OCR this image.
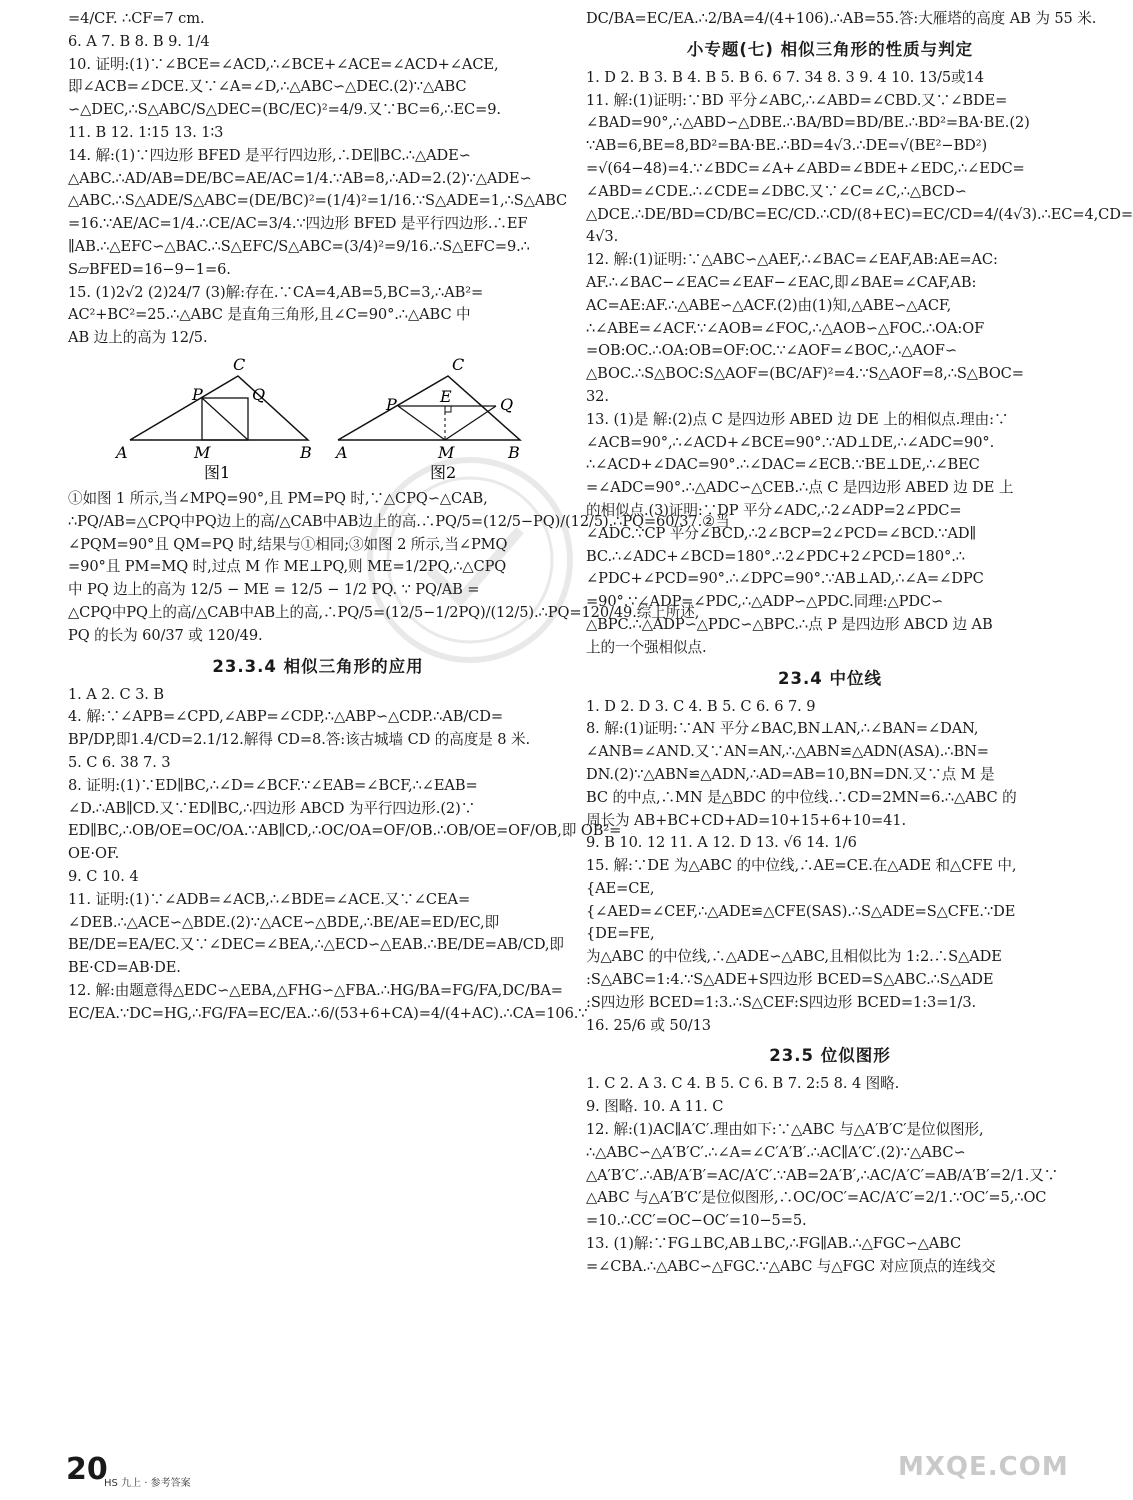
=4/CF. ∴CF=7 cm.
6. A 7. B 8. B 9. 1/4
10. 证明:(1)∵∠BCE=∠ACD,∴∠BCE+∠ACE=∠ACD+∠ACE,
即∠ACB=∠DCE.又∵∠A=∠D,∴△ABC∽△DEC.(2)∵△ABC
∽△DEC,∴S△ABC/S△DEC=(BC/EC)²=4/9.又∵BC=6,∴EC=9.
11. B 12. 1∶15 13. 1∶3
14. 解:(1)∵四边形 BFED 是平行四边形,∴DE∥BC.∴△ADE∽
△ABC.∴AD/AB=DE/BC=AE/AC=1/4.∵AB=8,∴AD=2.(2)∵△ADE∽
△ABC.∴S△ADE/S△ABC=(DE/BC)²=(1/4)²=1/16.∵S△ADE=1,∴S△ABC
=16.∵AE/AC=1/4.∴CE/AC=3/4.∵四边形 BFED 是平行四边形.∴EF
∥AB.∴△EFC∽△BAC.∴S△EFC/S△ABC=(3/4)²=9/16.∴S△EFC=9.∴
S▱BFED=16−9−1=6.
15. (1)2√2 (2)24/7 (3)解:存在.∵CA=4,AB=5,BC=3,∴AB²=
AC²+BC²=25.∴△ABC 是直角三角形,且∠C=90°.∴△ABC 中
AB 边上的高为 12/5.
C
P	Q
A	M	B
图1
C
E
P	Q
A	M	B
图2
①如图 1 所示,当∠MPQ=90°,且 PM=PQ 时,∵△CPQ∽△CAB,
∴PQ/AB=△CPQ中PQ边上的高/△CAB中AB边上的高.∴PQ/5=(12/5−PQ)/(12/5).∴PQ=60/37.②当
∠PQM=90°且 QM=PQ 时,结果与①相同;③如图 2 所示,当∠PMQ
=90°且 PM=MQ 时,过点 M 作 ME⊥PQ,则 ME=1/2PQ,∴△CPQ
中 PQ 边上的高为 12/5 − ME = 12/5 − 1/2 PQ. ∵ PQ/AB =
△CPQ中PQ上的高/△CAB中AB上的高,∴PQ/5=(12/5−1/2PQ)/(12/5).∴PQ=120/49.综上所述,
PQ 的长为 60/37 或 120/49.
23.3.4 相似三角形的应用
1. A 2. C 3. B
4. 解:∵∠APB=∠CPD,∠ABP=∠CDP,∴△ABP∽△CDP.∴AB/CD=
BP/DP,即1.4/CD=2.1/12.解得 CD=8.答:该古城墙 CD 的高度是 8 米.
5. C 6. 38 7. 3
8. 证明:(1)∵ED∥BC,∴∠D=∠BCF.∵∠EAB=∠BCF,∴∠EAB=
∠D.∴AB∥CD.又∵ED∥BC,∴四边形 ABCD 为平行四边形.(2)∵
ED∥BC,∴OB/OE=OC/OA.∵AB∥CD,∴OC/OA=OF/OB.∴OB/OE=OF/OB,即 OB²=
OE·OF.
9. C 10. 4
11. 证明:(1)∵∠ADB=∠ACB,∴∠BDE=∠ACE.又∵∠CEA=
∠DEB.∴△ACE∽△BDE.(2)∵△ACE∽△BDE,∴BE/AE=ED/EC,即
BE/DE=EA/EC.又∵∠DEC=∠BEA,∴△ECD∽△EAB.∴BE/DE=AB/CD,即
BE·CD=AB·DE.
12. 解:由题意得△EDC∽△EBA,△FHG∽△FBA.∴HG/BA=FG/FA,DC/BA=
EC/EA.∵DC=HG,∴FG/FA=EC/EA.∴6/(53+6+CA)=4/(4+AC).∴CA=106.∵
DC/BA=EC/EA.∴2/BA=4/(4+106).∴AB=55.答:大雁塔的高度 AB 为 55 米.
小专题(七) 相似三角形的性质与判定
1. D 2. B 3. B 4. B 5. B 6. 6 7. 34 8. 3 9. 4 10. 13/5或14
11. 解:(1)证明:∵BD 平分∠ABC,∴∠ABD=∠CBD.又∵∠BDE=
∠BAD=90°,∴△ABD∽△DBE.∴BA/BD=BD/BE.∴BD²=BA·BE.(2)
∵AB=6,BE=8,BD²=BA·BE.∴BD=4√3.∴DE=√(BE²−BD²)
=√(64−48)=4.∵∠BDC=∠A+∠ABD=∠BDE+∠EDC,∴∠EDC=
∠ABD=∠CDE.∴∠CDE=∠DBC.又∵∠C=∠C,∴△BCD∽
△DCE.∴DE/BD=CD/BC=EC/CD.∴CD/(8+EC)=EC/CD=4/(4√3).∴EC=4,CD=
4√3.
12. 解:(1)证明:∵△ABC∽△AEF,∴∠BAC=∠EAF,AB:AE=AC:
AF.∴∠BAC−∠EAC=∠EAF−∠EAC,即∠BAE=∠CAF,AB:
AC=AE:AF.∴△ABE∽△ACF.(2)由(1)知,△ABE∽△ACF,
∴∠ABE=∠ACF.∵∠AOB=∠FOC,∴△AOB∽△FOC.∴OA:OF
=OB:OC.∴OA:OB=OF:OC.∵∠AOF=∠BOC,∴△AOF∽
△BOC.∴S△BOC:S△AOF=(BC/AF)²=4.∵S△AOF=8,∴S△BOC=
32.
13. (1)是 解:(2)点 C 是四边形 ABED 边 DE 上的相似点.理由:∵
∠ACB=90°,∴∠ACD+∠BCE=90°.∵AD⊥DE,∴∠ADC=90°.
∴∠ACD+∠DAC=90°.∴∠DAC=∠ECB.∵BE⊥DE,∴∠BEC
=∠ADC=90°.∴△ADC∽△CEB.∴点 C 是四边形 ABED 边 DE 上
的相似点.(3)证明:∵DP 平分∠ADC,∴2∠ADP=2∠PDC=
∠ADC.∵CP 平分∠BCD,∴2∠BCP=2∠PCD=∠BCD.∵AD∥
BC.∴∠ADC+∠BCD=180°.∴2∠PDC+2∠PCD=180°.∴
∠PDC+∠PCD=90°.∴∠DPC=90°.∵AB⊥AD,∴∠A=∠DPC
=90°.∵∠ADP=∠PDC,∴△ADP∽△PDC.同理:△PDC∽
△BPC.∴△ADP∽△PDC∽△BPC.∴点 P 是四边形 ABCD 边 AB
上的一个强相似点.
23.4 中位线
1. D 2. D 3. C 4. B 5. C 6. 6 7. 9
8. 解:(1)证明:∵AN 平分∠BAC,BN⊥AN,∴∠BAN=∠DAN,
∠ANB=∠AND.又∵AN=AN,∴△ABN≌△ADN(ASA).∴BN=
DN.(2)∵△ABN≌△ADN,∴AD=AB=10,BN=DN.又∵点 M 是
BC 的中点,∴MN 是△BDC 的中位线.∴CD=2MN=6.∴△ABC 的
周长为 AB+BC+CD+AD=10+15+6+10=41.
9. B 10. 12 11. A 12. D 13. √6 14. 1/6
15. 解:∵DE 为△ABC 的中位线,∴AE=CE.在△ADE 和△CFE 中,
{AE=CE,
{∠AED=∠CEF,∴△ADE≌△CFE(SAS).∴S△ADE=S△CFE.∵DE
{DE=FE,
为△ABC 的中位线,∴△ADE∽△ABC,且相似比为 1:2.∴S△ADE
:S△ABC=1:4.∵S△ADE+S四边形 BCED=S△ABC.∴S△ADE
:S四边形 BCED=1:3.∴S△CEF:S四边形 BCED=1:3=1/3.
16. 25/6 或 50/13
23.5 位似图形
1. C 2. A 3. C 4. B 5. C 6. B 7. 2:5 8. 4 图略.
9. 图略. 10. A 11. C
12. 解:(1)AC∥A′C′.理由如下:∵△ABC 与△A′B′C′是位似图形,
∴△ABC∽△A′B′C′.∴∠A=∠C′A′B′.∴AC∥A′C′.(2)∵△ABC∽
△A′B′C′.∴AB/A′B′=AC/A′C′.∵AB=2A′B′,∴AC/A′C′=AB/A′B′=2/1.又∵
△ABC 与△A′B′C′是位似图形,∴OC/OC′=AC/A′C′=2/1.∵OC′=5,∴OC
=10.∴CC′=OC−OC′=10−5=5.
13. (1)解:∵FG⊥BC,AB⊥BC,∴FG∥AB.∴△FGC∽△ABC
=∠CBA.∴△ABC∽△FGC.∵△ABC 与△FGC 对应顶点的连线交
20
HS 九上 · 参考答案
MXQE.COM
